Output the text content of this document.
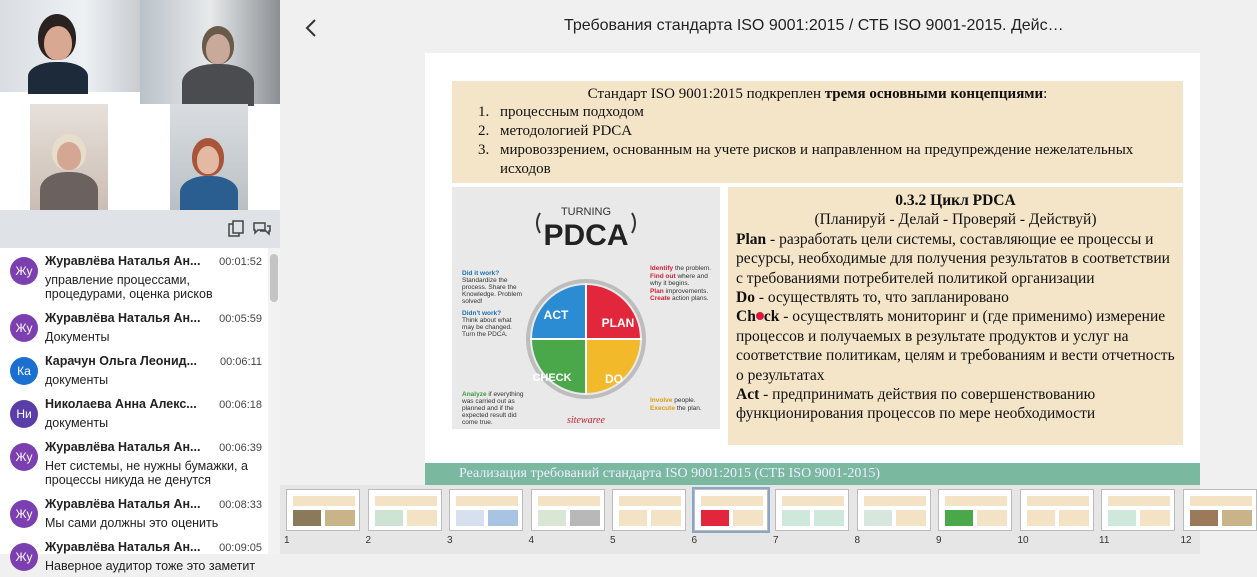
Жу
Журавлёва Наталья Ан... 00:01:52
управление процессами, процедурами, оценка рисков
Жу
Журавлёва Наталья Ан... 00:05:59
Документы
Ка
Карачун Ольга Леонид... 00:06:11
документы
Ни
Николаева Анна Алекс... 00:06:18
документы
Жу
Журавлёва Наталья Ан... 00:06:39
Нет системы, не нужны бумажки, а процессы никуда не денутся
Жу
Журавлёва Наталья Ан... 00:08:33
Мы сами должны это оценить
Жу
Журавлёва Наталья Ан... 00:09:05
Наверное аудитор тоже это заметит
Требования стандарта ISO 9001:2015 / СТБ ISO 9001-2015. Дейс…
Стандарт ISO 9001:2015 подкреплен тремя основными концепциями:
1. процессным подходом
2. методологией PDCA
3. мировоззрением, основанным на учете рисков и направленном на предупреждение нежелательных исходов
TURNING
PDCA
ACT
PLAN
CHECK	DO
Did it work?
Standardize the process. Share the Knowledge. Problem solved!
Didn't work?
Think about what may be changed. Turn the PDCA.
Identify the problem.
Find out where and why it begins.
Plan improvements.
Create action plans.
Analyze if everything was carried out as planned and if the expected result did come true.
Involve people.
Execute the plan.
sitewaree
0.3.2 Цикл PDCA
(Планируй - Делай - Проверяй - Действуй)
Plan - разработать цели системы, составляющие ее процессы и ресурсы, необходимые для получения результатов в соответствии с требованиями потребителей политикой организации
Do - осуществлять то, что запланировано
Ch ck - осуществлять мониторинг и (где применимо) измерение процессов и получаемых в результате продуктов и услуг на соответствие политикам, целям и требованиям и вести отчетность о результатах
Act - предпринимать действия по совершенствованию функционирования процессов по мере необходимости
Реализация требований стандарта ISO 9001:2015 (СТБ ISO 9001-2015)
1	2	3	4	5	6	7	8	9	10	11	12
